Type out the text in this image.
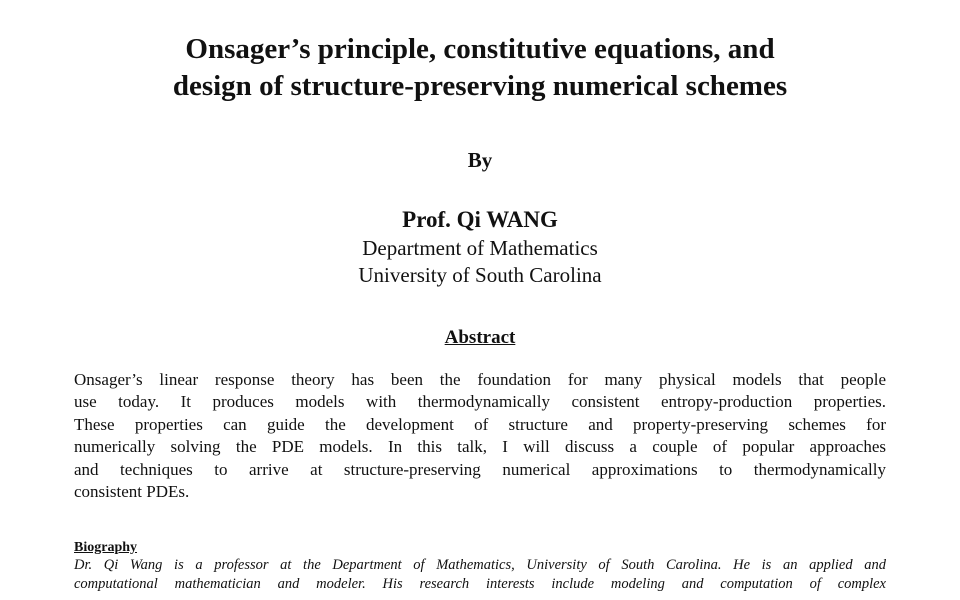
Onsager’s principle, constitutive equations, and
design of structure-preserving numerical schemes
By
Prof. Qi WANG
Department of Mathematics
University of South Carolina
Abstract

Onsager’s linear response theory has been the foundation for many physical models that people
use today. It produces models with thermodynamically consistent entropy-production properties.
These properties can guide the development of structure and property-preserving schemes for
numerically solving the PDE models. In this talk, I will discuss a couple of popular approaches
and techniques to arrive at structure-preserving numerical approximations to thermodynamically
consistent PDEs.

Biography

Dr. Qi Wang is a professor at the Department of Mathematics, University of South Carolina. He is an applied and
computational mathematician and modeler. His research interests include modeling and computation of complex
